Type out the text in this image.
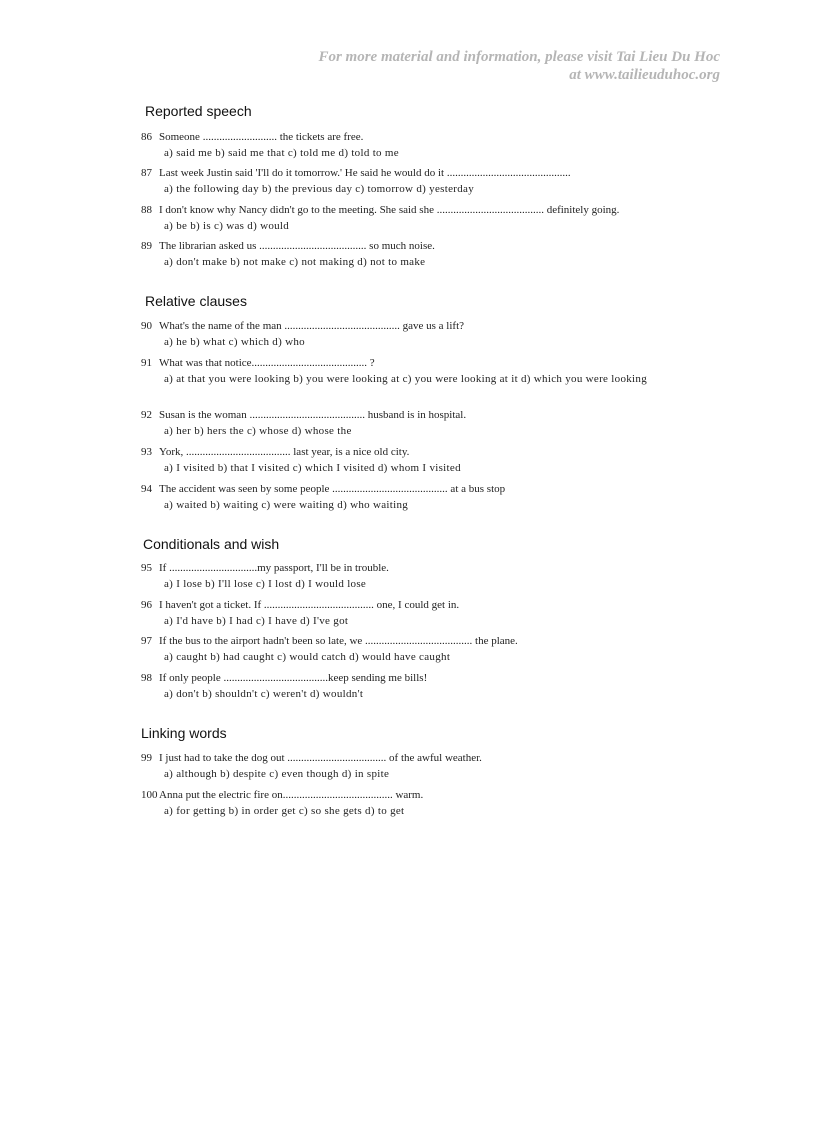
For more material and information, please visit Tai Lieu Du Hoc
at www.tailieuduhoc.org
Reported speech
86 Someone ........................... the tickets are free.
a) said me b) said me that c) told me d) told to me
87 Last week Justin said 'I'll do it tomorrow.' He said he would do it .............................................
a) the following day b) the previous day c) tomorrow d) yesterday
88 I don't know why Nancy didn't go to the meeting. She said she ....................................... definitely going.
a) be b) is c) was d) would
89 The librarian asked us ....................................... so much noise.
a) don't make b) not make c) not making d) not to make
Relative clauses
90 What's the name of the man .......................................... gave us a lift?
a) he b) what c) which d) who
91 What was that notice.......................................... ?
a) at that you were looking b) you were looking at c) you were looking at it d) which you were looking
92 Susan is the woman .......................................... husband is in hospital.
a) her b) hers the c) whose d) whose the
93 York, ...................................... last year, is a nice old city.
a) I visited b) that I visited c) which I visited d) whom I visited
94 The accident was seen by some people .......................................... at a bus stop
a) waited b) waiting c) were waiting d) who waiting
Conditionals and wish
95 If ................................my passport, I'll be in trouble.
a) I lose b) I'll lose c) I lost d) I would lose
96 I haven't got a ticket. If ........................................ one, I could get in.
a) I'd have b) I had c) I have d) I've got
97 If the bus to the airport hadn't been so late, we ....................................... the plane.
a) caught b) had caught c) would catch d) would have caught
98 If only people ......................................keep sending me bills!
a) don't b) shouldn't c) weren't d) wouldn't
Linking words
99 I just had to take the dog out .................................... of the awful weather.
a) although b) despite c) even though d) in spite
100 Anna put the electric fire on........................................ warm.
a) for getting b) in order get c) so she gets d) to get
